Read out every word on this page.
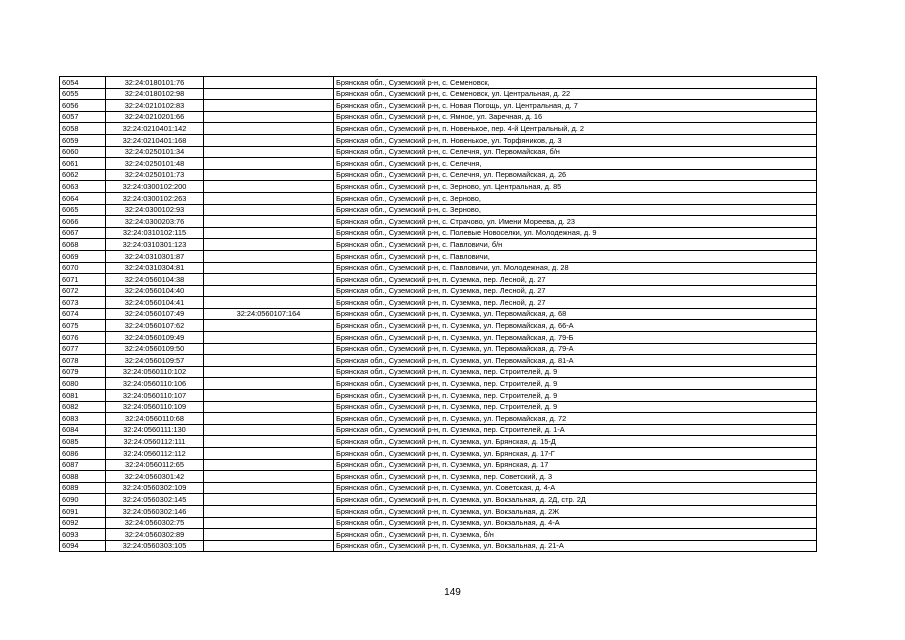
6054	32:24:0180101:76		Брянская обл., Суземский р-н, с. Семеновск,
6055	32:24:0180102:98		Брянская обл., Суземский р-н, с. Семеновск, ул. Центральная, д. 22
6056	32:24:0210102:83		Брянская обл., Суземский р-н, с. Новая Погощь, ул. Центральная, д. 7
6057	32:24:0210201:66		Брянская обл., Суземский р-н, с. Ямное, ул. Заречная, д. 16
6058	32:24:0210401:142		Брянская обл., Суземский р-н, п. Новенькое, пер. 4-й Центральный, д. 2
6059	32:24:0210401:168		Брянская обл., Суземский р-н, п. Новенькое, ул. Торфяников, д. 3
6060	32:24:0250101:34		Брянская обл., Суземский р-н, с. Селечня, ул. Первомайская, б/н
6061	32:24:0250101:48		Брянская обл., Суземский р-н, с. Селечня,
6062	32:24:0250101:73		Брянская обл., Суземский р-н, с. Селечня, ул. Первомайская, д. 26
6063	32:24:0300102:200		Брянская обл., Суземский р-н, с. Зерново, ул. Центральная, д. 85
6064	32:24:0300102:263		Брянская обл., Суземский р-н, с. Зерново,
6065	32:24:0300102:93		Брянская обл., Суземский р-н, с. Зерново,
6066	32:24:0300203:76		Брянская обл., Суземский р-н, с. Страчово, ул. Имени Мореева, д. 23
6067	32:24:0310102:115		Брянская обл., Суземский р-н, с. Полевые Новоселки, ул. Молодежная, д. 9
6068	32:24:0310301:123		Брянская обл., Суземский р-н, с. Павловичи, б/н
6069	32:24:0310301:87		Брянская обл., Суземский р-н, с. Павловичи,
6070	32:24:0310304:81		Брянская обл., Суземский р-н, с. Павловичи, ул. Молодежная, д. 28
6071	32:24:0560104:38		Брянская обл., Суземский р-н, п. Суземка, пер. Лесной, д. 27
6072	32:24:0560104:40		Брянская обл., Суземский р-н, п. Суземка, пер. Лесной, д. 27
6073	32:24:0560104:41		Брянская обл., Суземский р-н, п. Суземка, пер. Лесной, д. 27
6074	32:24:0560107:49	32:24:0560107:164	Брянская обл., Суземский р-н, п. Суземка, ул. Первомайская, д. 68
6075	32:24:0560107:62		Брянская обл., Суземский р-н, п. Суземка, ул. Первомайская, д. 66-А
6076	32:24:0560109:49		Брянская обл., Суземский р-н, п. Суземка, ул. Первомайская, д. 79-Б
6077	32:24:0560109:50		Брянская обл., Суземский р-н, п. Суземка, ул. Первомайская, д. 79-А
6078	32:24:0560109:57		Брянская обл., Суземский р-н, п. Суземка, ул. Первомайская, д. 81-А
6079	32:24:0560110:102		Брянская обл., Суземский р-н, п. Суземка, пер. Строителей, д. 9
6080	32:24:0560110:106		Брянская обл., Суземский р-н, п. Суземка, пер. Строителей, д. 9
6081	32:24:0560110:107		Брянская обл., Суземский р-н, п. Суземка, пер. Строителей, д. 9
6082	32:24:0560110:109		Брянская обл., Суземский р-н, п. Суземка, пер. Строителей, д. 9
6083	32:24:0560110:68		Брянская обл., Суземский р-н, п. Суземка, ул. Первомайская, д. 72
6084	32:24:0560111:130		Брянская обл., Суземский р-н, п. Суземка, пер. Строителей, д. 1-А
6085	32:24:0560112:111		Брянская обл., Суземский р-н, п. Суземка, ул. Брянская, д. 15-Д
6086	32:24:0560112:112		Брянская обл., Суземский р-н, п. Суземка, ул. Брянская, д. 17-Г
6087	32:24:0560112:65		Брянская обл., Суземский р-н, п. Суземка, ул. Брянская, д. 17
6088	32:24:0560301:42		Брянская обл., Суземский р-н, п. Суземка, пер. Советский, д. 3
6089	32:24:0560302:109		Брянская обл., Суземский р-н, п. Суземка, ул. Советская, д. 4-А
6090	32:24:0560302:145		Брянская обл., Суземский р-н, п. Суземка, ул. Вокзальная, д. 2Д, стр. 2Д
6091	32:24:0560302:146		Брянская обл., Суземский р-н, п. Суземка, ул. Вокзальная, д. 2Ж
6092	32:24:0560302:75		Брянская обл., Суземский р-н, п. Суземка, ул. Вокзальная, д. 4-А
6093	32:24:0560302:89		Брянская обл., Суземский р-н, п. Суземка, б/н
6094	32:24:0560303:105		Брянская обл., Суземский р-н, п. Суземка, ул. Вокзальная, д. 21-А
149
